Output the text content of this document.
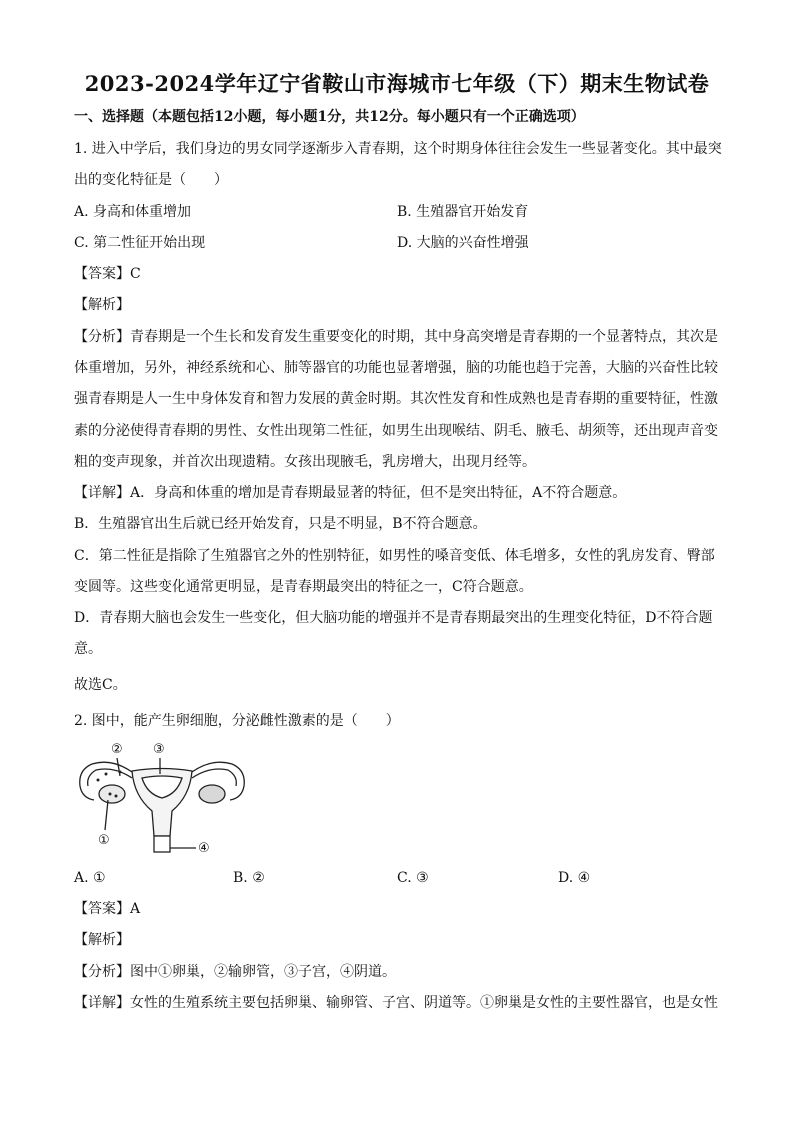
2023-2024学年辽宁省鞍山市海城市七年级（下）期末生物试卷
一、选择题（本题包括12小题，每小题1分，共12分。每小题只有一个正确选项）
1. 进入中学后，我们身边的男女同学逐渐步入青春期，这个时期身体往往会发生一些显著变化。其中最突
出的变化特征是（　　）
A. 身高和体重增加	B. 生殖器官开始发育
C. 第二性征开始出现	D. 大脑的兴奋性增强
【答案】C
【解析】
【分析】青春期是一个生长和发育发生重要变化的时期，其中身高突增是青春期的一个显著特点，其次是
体重增加，另外，神经系统和心、肺等器官的功能也显著增强，脑的功能也趋于完善，大脑的兴奋性比较
强青春期是人一生中身体发育和智力发展的黄金时期。其次性发育和性成熟也是青春期的重要特征，性激
素的分泌使得青春期的男性、女性出现第二性征，如男生出现喉结、阴毛、腋毛、胡须等，还出现声音变
粗的变声现象，并首次出现遗精。女孩出现腋毛，乳房增大，出现月经等。
【详解】A．身高和体重的增加是青春期最显著的特征，但不是突出特征，A不符合题意。
B．生殖器官出生后就已经开始发育，只是不明显，B不符合题意。
C．第二性征是指除了生殖器官之外的性别特征，如男性的嗓音变低、体毛增多，女性的乳房发育、臀部
变圆等。这些变化通常更明显，是青春期最突出的特征之一，C符合题意。
D．青春期大脑也会发生一些变化，但大脑功能的增强并不是青春期最突出的生理变化特征，D不符合题
意。
故选C。
2. 图中，能产生卵细胞，分泌雌性激素的是（　　）
② ③
①
④
A. ①	B. ②	C. ③	D. ④
【答案】A
【解析】
【分析】图中①卵巢，②输卵管，③子宫，④阴道。
【详解】女性的生殖系统主要包括卵巢、输卵管、子宫、阴道等。①卵巢是女性的主要性器官，也是女性
